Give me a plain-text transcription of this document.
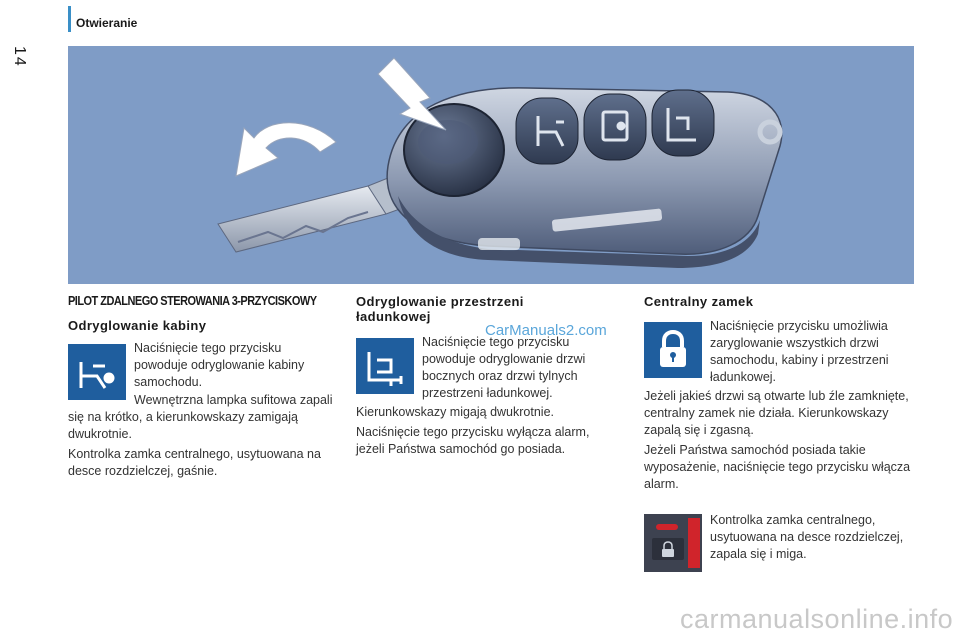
Otwieranie
14
PILOT ZDALNEGO STEROWANIA 3-PRZYCISKOWY
Odryglowanie kabiny
Naciśnięcie tego przycisku powoduje odryglowanie kabiny samochodu.
Wewnętrzna lampka sufitowa zapali się na krótko, a kierunkowskazy zamigają dwukrotnie.
Kontrolka zamka centralnego, usytuowana na desce rozdzielczej, gaśnie.
Odryglowanie przestrzeni ładunkowej
Naciśnięcie tego przycisku powoduje odryglowanie drzwi bocznych oraz drzwi tylnych przestrzeni ładunkowej.
Kierunkowskazy migają dwukrotnie.
Naciśnięcie tego przycisku wyłącza alarm, jeżeli Państwa samochód go posiada.
Centralny zamek
Naciśnięcie przycisku umożliwia zaryglowanie wszystkich drzwi samochodu, kabiny i przestrzeni ładunkowej.
Jeżeli jakieś drzwi są otwarte lub źle zamknięte, centralny zamek nie działa. Kierunkowskazy zapalą się i zgasną.
Jeżeli Państwa samochód posiada takie wyposażenie, naciśnięcie tego przycisku włącza alarm.
Kontrolka zamka centralnego, usytuowana na desce rozdzielczej, zapala się i miga.
CarManuals2.com
carmanualsonline.info
